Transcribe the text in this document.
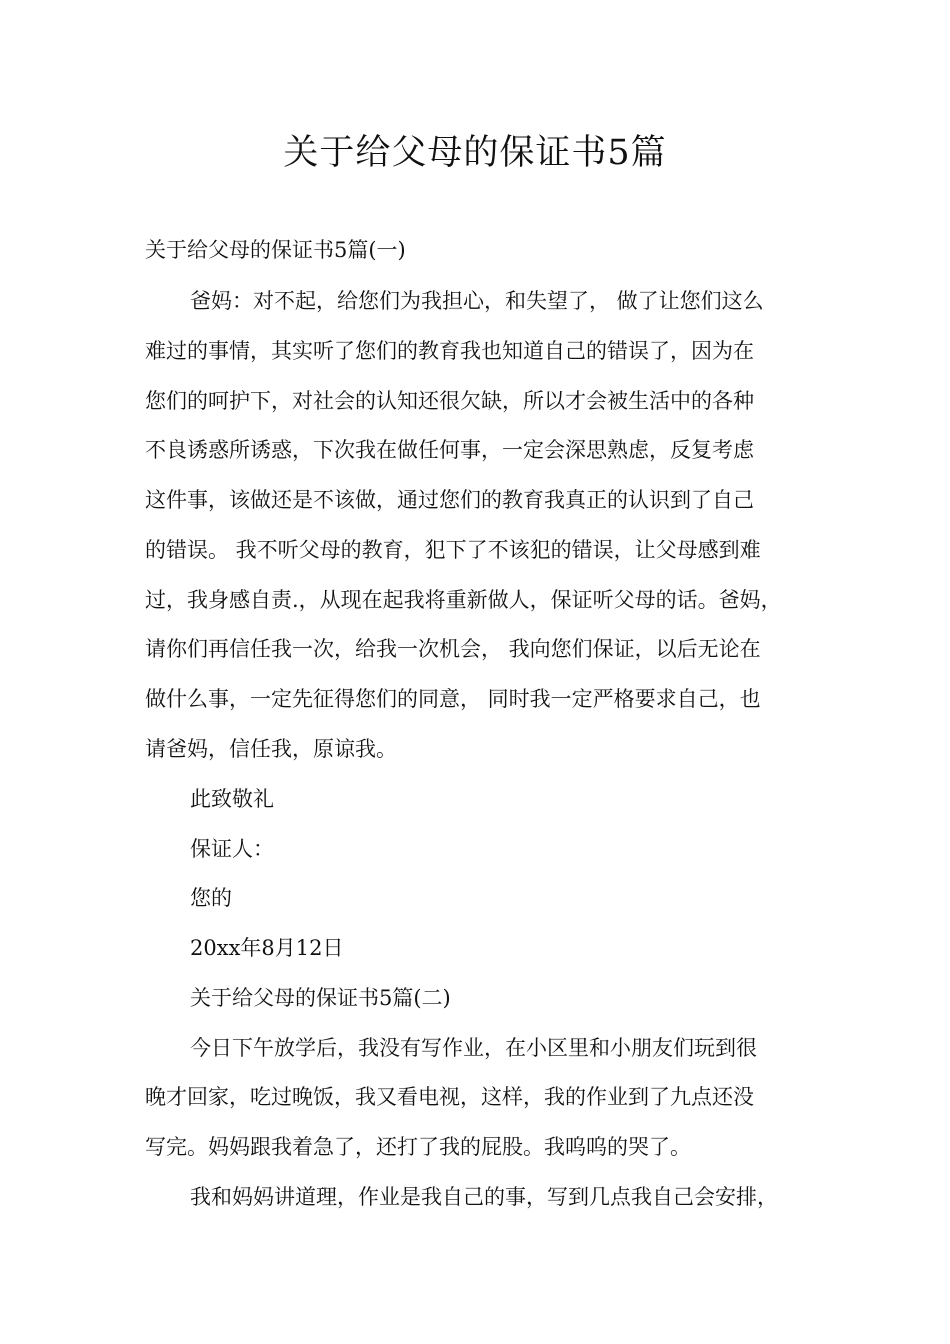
关于给父母的保证书5篇

关于给父母的保证书5篇(一)

爸妈：对不起，给您们为我担心，和失望了， 做了让您们这么

难过的事情，其实听了您们的教育我也知道自己的错误了，因为在

您们的呵护下，对社会的认知还很欠缺，所以才会被生活中的各种

不良诱惑所诱惑，下次我在做任何事，一定会深思熟虑，反复考虑

这件事，该做还是不该做，通过您们的教育我真正的认识到了自己

的错误。 我不听父母的教育，犯下了不该犯的错误，让父母感到难

过，我身感自责.，从现在起我将重新做人，保证听父母的话。爸妈，

请你们再信任我一次，给我一次机会， 我向您们保证，以后无论在

做什么事，一定先征得您们的同意， 同时我一定严格要求自己，也

请爸妈，信任我，原谅我。

此致敬礼

保证人：

您的

20xx年8月12日

关于给父母的保证书5篇(二)

今日下午放学后，我没有写作业，在小区里和小朋友们玩到很

晚才回家，吃过晚饭，我又看电视，这样，我的作业到了九点还没

写完。妈妈跟我着急了，还打了我的屁股。我呜呜的哭了。

我和妈妈讲道理，作业是我自己的事，写到几点我自己会安排，
